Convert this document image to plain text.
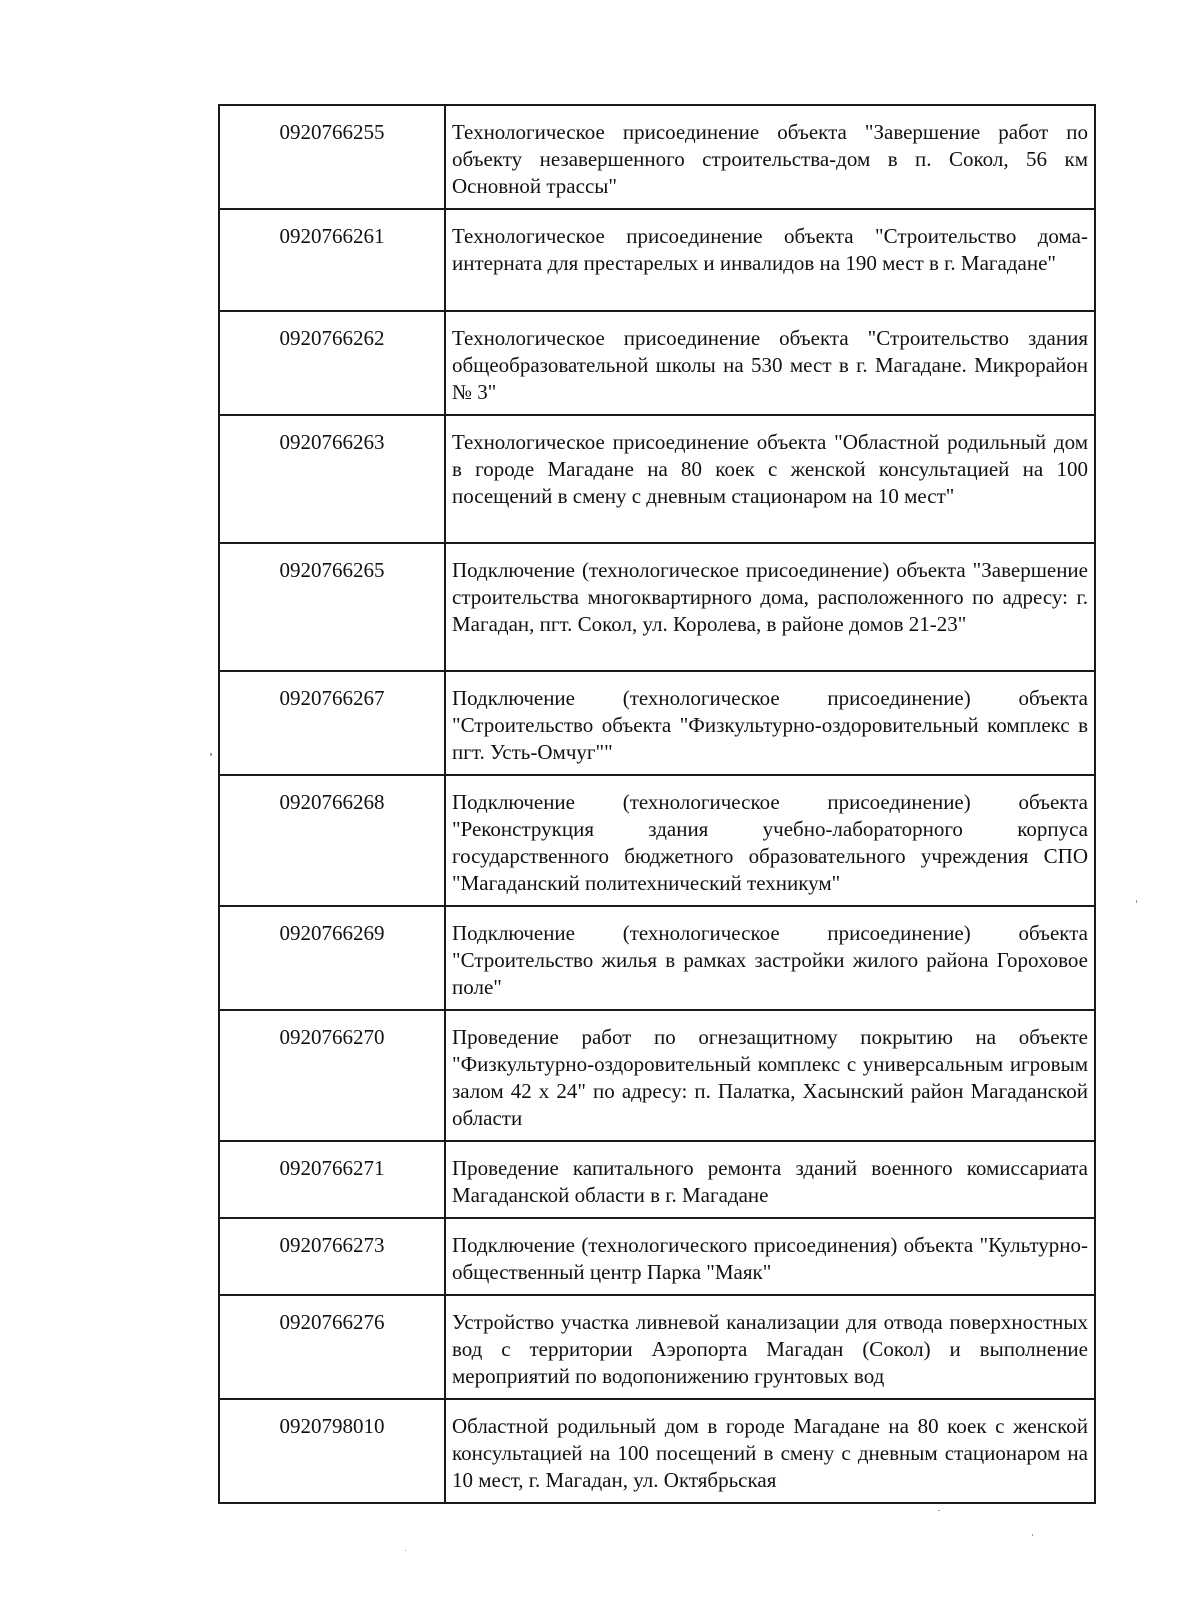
0920766255	Технологическое присоединение объекта "Завершение работ по объекту незавершенного строительства-дом в п. Сокол, 56 км Основной трассы"
0920766261	Технологическое присоединение объекта "Строительство дома-интерната для престарелых и инвалидов на 190 мест в г. Магадане"
0920766262	Технологическое присоединение объекта "Строительство здания общеобразовательной школы на 530 мест в г. Магадане. Микрорайон № 3"
0920766263	Технологическое присоединение объекта "Областной родильный дом в городе Магадане на 80 коек с женской консультацией на 100 посещений в смену с дневным стационаром на 10 мест"
0920766265	Подключение (технологическое присоединение) объекта "Завершение строительства многоквартирного дома, расположенного по адресу: г. Магадан, пгт. Сокол, ул. Королева, в районе домов 21-23"
0920766267	Подключение (технологическое присоединение) объекта "Строительство объекта "Физкультурно-оздоровительный комплекс в пгт. Усть-Омчуг""
0920766268	Подключение (технологическое присоединение) объекта "Реконструкция здания учебно-лабораторного корпуса государственного бюджетного образовательного учреждения СПО "Магаданский политехнический техникум"
0920766269	Подключение (технологическое присоединение) объекта "Строительство жилья в рамках застройки жилого района Гороховое поле"
0920766270	Проведение работ по огнезащитному покрытию на объекте "Физкультурно-оздоровительный комплекс с универсальным игровым залом 42 х 24" по адресу: п. Палатка, Хасынский район Магаданской области
0920766271	Проведение капитального ремонта зданий военного комиссариата Магаданской области в г. Магадане
0920766273	Подключение (технологического присоединения) объекта "Культурно-общественный центр Парка "Маяк"
0920766276	Устройство участка ливневой канализации для отвода поверхностных вод с территории Аэропорта Магадан (Сокол) и выполнение мероприятий по водопонижению грунтовых вод
0920798010	Областной родильный дом в городе Магадане на 80 коек с женской консультацией на 100 посещений в смену с дневным стационаром на 10 мест, г. Магадан, ул. Октябрьская
